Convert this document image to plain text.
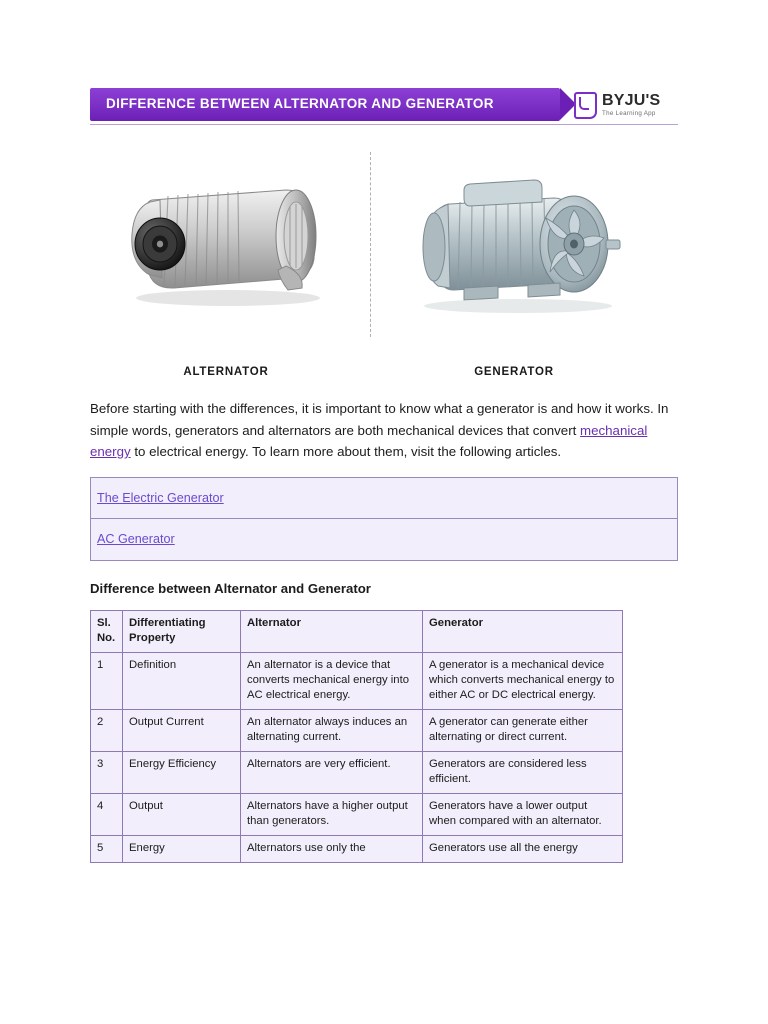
DIFFERENCE BETWEEN ALTERNATOR AND GENERATOR	BYJU'S
The Learning App
ALTERNATOR	GENERATOR

Before starting with the differences, it is important to know what a generator is and how it works. In simple words, generators and alternators are both mechanical devices that convert mechanical energy to electrical energy. To learn more about them, visit the following articles.

The Electric Generator
AC Generator
Difference between Alternator and Generator
Sl. No.	Differentiating Property	Alternator	Generator
1	Definition	An alternator is a device that converts mechanical energy into AC electrical energy.	A generator is a mechanical device which converts mechanical energy to either AC or DC electrical energy.
2	Output Current	An alternator always induces an alternating current.	A generator can generate either alternating or direct current.
3	Energy Efficiency	Alternators are very efficient.	Generators are considered less efficient.
4	Output	Alternators have a higher output than generators.	Generators have a lower output when compared with an alternator.
5	Energy	Alternators use only the	Generators use all the energy
